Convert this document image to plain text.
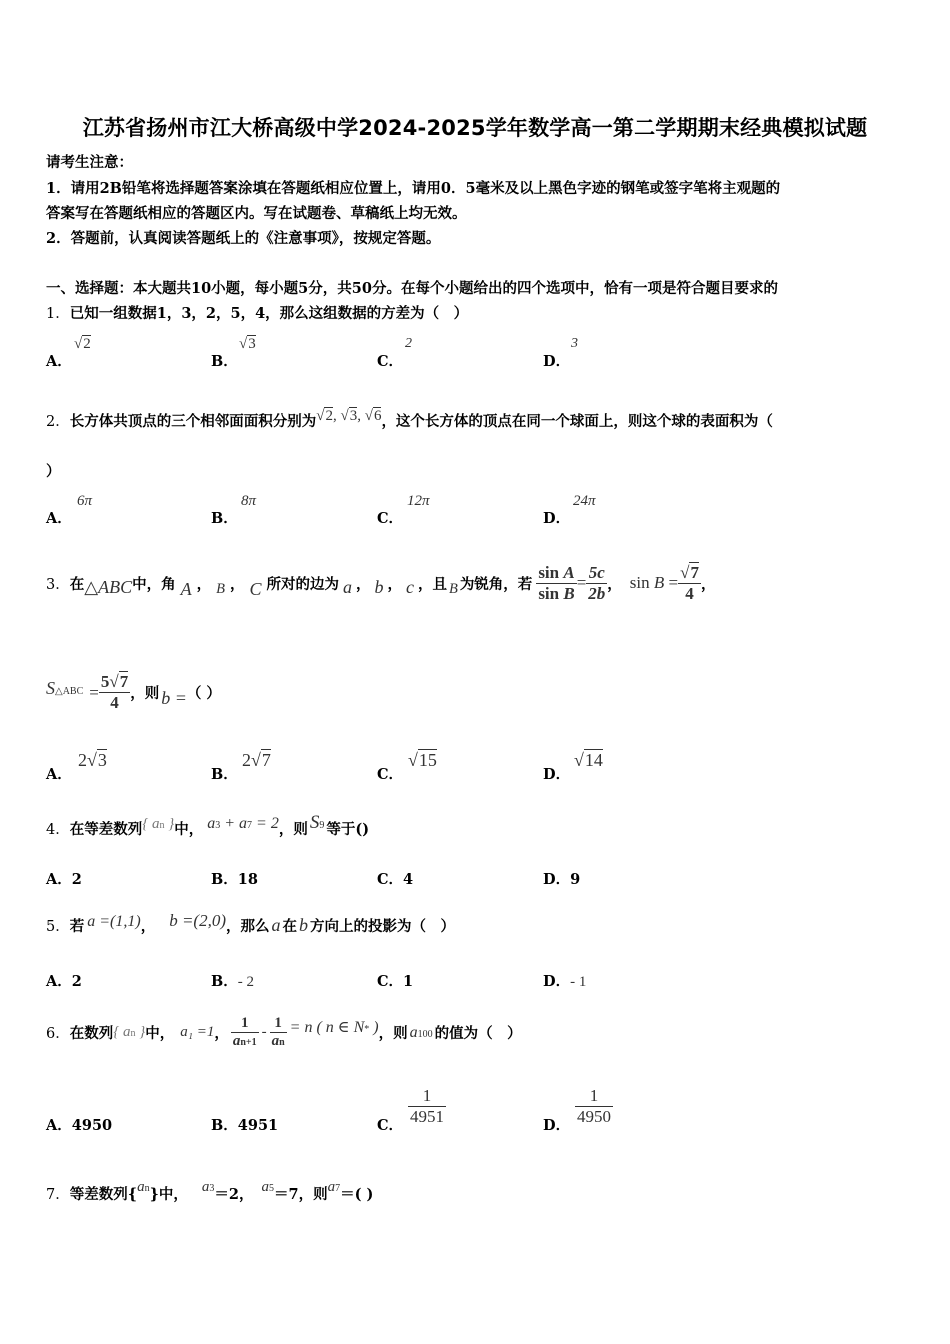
江苏省扬州市江大桥高级中学2024-2025学年数学高一第二学期期末经典模拟试题
请考生注意：
1．请用2B铅笔将选择题答案涂填在答题纸相应位置上，请用0．5毫米及以上黑色字迹的钢笔或签字笔将主观题的
答案写在答题纸相应的答题区内。写在试题卷、草稿纸上均无效。
2．答题前，认真阅读答题纸上的《注意事项》，按规定答题。
一、选择题：本大题共10小题，每小题5分，共50分。在每个小题给出的四个选项中，恰有一项是符合题目要求的
1．已知一组数据1，3，2，5，4，那么这组数据的方差为（　）
A．
√2
B．
√3
C．
2
D．
3
2．长方体共顶点的三个相邻面面积分别为√2, √3, √6，这个长方体的顶点在同一个球面上，则这个球的表面积为（
）
A．
6π
B．
8π
C．
12π
D．
24π
3． 在 △ABC 中，角 A ， B ， C 所对的边为 a ， b ， c ，且 B 为锐角，若 $\frac{\text{sin A}}{\text{sin B}} = \frac{5c}{2b}$ ， $\sin B = \frac{√7}{4}$ ，
S△ABC = $\frac{5√7}{4}$ ，则 b = （ ）
A．
2√3
B．
2√7
C．
√15
D．
√14
4． 在等差数列 { an } 中， a3 + a7 = 2 ，则 S9 等于()
A．2	B．18	C．4	D．9
5． 若 a =(1,1) ， b =(2,0) ，那么 a 在 b 方向上的投影为（　）
A．2	B．- 2	C．1	D．- 1
6． 在数列 { an } 中， a₁ =1 ， $\frac{1}{an+1} - \frac{1}{an} = n$ ( n ∈ N* ) ，则 a100 的值为（　）
A．4950	B．4951	C． $\frac{1}{4951}$	D． $\frac{1}{4950}$
7． 等差数列{ an }中， a3 ＝2， a5 ＝7，则 a7 ＝( )
